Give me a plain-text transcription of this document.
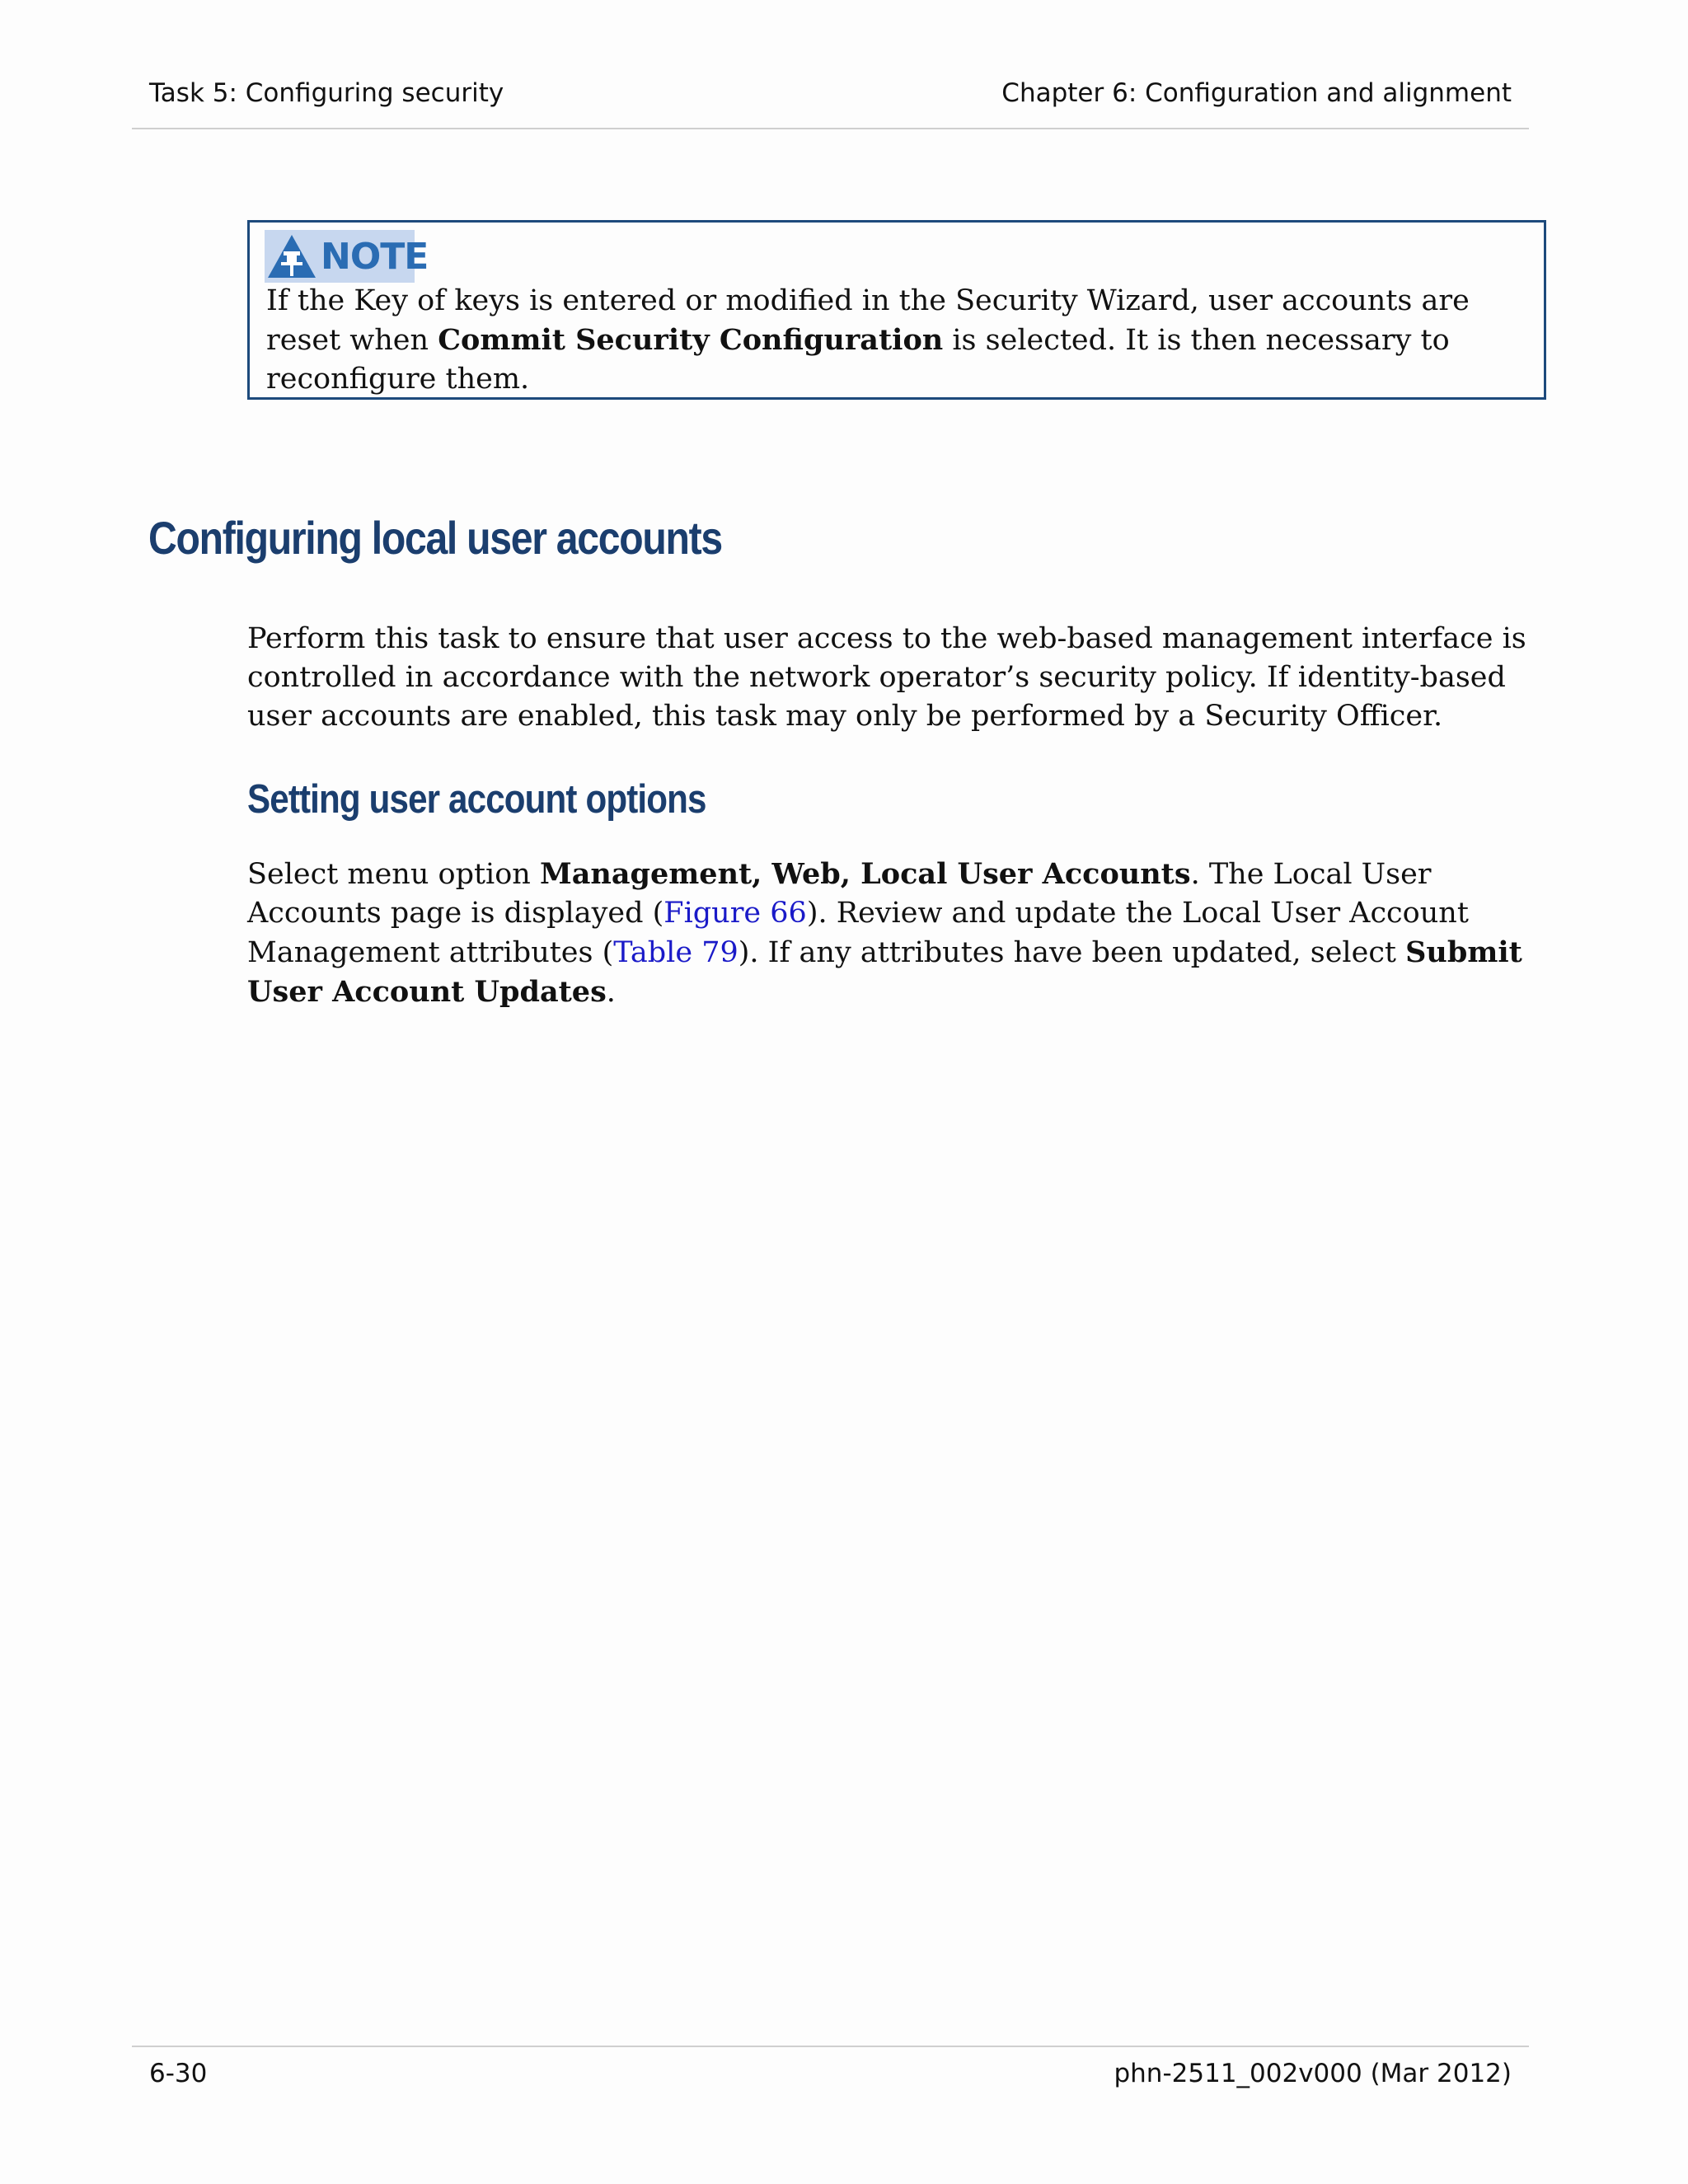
Task 5: Configuring security	Chapter 6: Configuration and alignment
NOTE

If the Key of keys is entered or modified in the Security Wizard, user accounts are reset when Commit Security Configuration is selected. It is then necessary to reconfigure them.

Configuring local user accounts

Perform this task to ensure that user access to the web-based management interface is controlled in accordance with the network operator’s security policy. If identity-based user accounts are enabled, this task may only be performed by a Security Officer.

Setting user account options

Select menu option Management, Web, Local User Accounts. The Local User Accounts page is displayed (Figure 66). Review and update the Local User Account Management attributes (Table 79). If any attributes have been updated, select Submit User Account Updates.

6-30	phn-2511_002v000 (Mar 2012)
